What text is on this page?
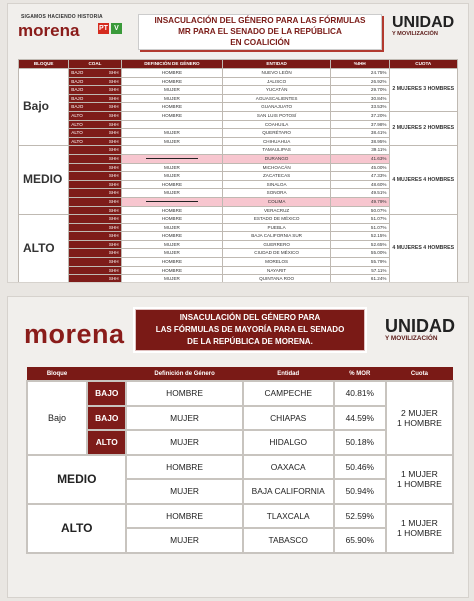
SIGAMOS HACIENDO HISTORIA
morena	PT V
INSACULACIÓN DEL GÉNERO PARA LAS FÓRMULAS
MR PARA EL SENADO DE LA REPÚBLICA
EN COALICIÓN
UNIDAD
Y MOVILIZACIÓN
BLOQUE	COAL	DEFINICIÓN DE GÉNERO	ENTIDAD	%IHH	CUOTA
Bajo	BAJO SHH	HOMBRE	NUEVO LEÓN	24.75%	2 MUJERES 3 HOMBRES
	BAJO SHH	HOMBRE	JALISCO	26.92%	
	BAJO SHH	MUJER	YUCATÁN	29.70%	
	BAJO SHH	MUJER	AGUASCALIENTES	30.84%	
	BAJO SHH	HOMBRE	GUANAJUATO	33.53%	
	ALTO SHH	HOMBRE	SAN LUIS POTOSÍ	37.20%	2 MUJERES 2 HOMBRES
	ALTO SHH		COAHUILA	37.98%	
	ALTO SHH	MUJER	QUERÉTARO	38.41%	
	ALTO SHH	MUJER	CHIHUAHUA	38.95%	
MEDIO	SHH		TAMAULIPAS	39.11%	4 MUJERES 4 HOMBRES

	SHH		DURANGO	41.63%	

	SHH	MUJER	MICHOACÁN	45.00%	

	SHH	MUJER	ZACATECAS	47.33%	

	SHH	HOMBRE	SINALOA	48.60%	

	SHH	MUJER	SONORA	49.51%	

	SHH		COLIMA	49.79%	

	SHH	HOMBRE	VERACRUZ	50.07%	
ALTO	SHH	HOMBRE	ESTADO DE MÉXICO	51.07%	4 MUJERES 4 HOMBRES

	SHH	MUJER	PUEBLA	51.07%	

	SHH	HOMBRE	BAJA CALIFORNIA SUR	52.15%	

	SHH	MUJER	GUERRERO	52.65%	

	SHH	MUJER	CIUDAD DE MÉXICO	55.00%	

	SHH	HOMBRE	MORELOS	55.79%	

	SHH	HOMBRE	NAYARIT	57.11%	

	SHH	MUJER	QUINTANA ROO	61.24%	
morena
INSACULACIÓN DEL GÉNERO PARA
LAS FÓRMULAS DE MAYORÍA PARA EL SENADO
DE LA REPÚBLICA DE MORENA.
UNIDAD
Y MOVILIZACIÓN
Bloque		Definición de Género	Entidad	% MOR	Cuota
Bajo	BAJO	HOMBRE	CAMPECHE	40.81%	2 MUJER
1 HOMBRE
	BAJO	MUJER	CHIAPAS	44.59%	
	ALTO	MUJER	HIDALGO	50.18%	
MEDIO		HOMBRE	OAXACA	50.46%	1 MUJER
1 HOMBRE
		MUJER	BAJA CALIFORNIA	50.94%	
ALTO		HOMBRE	TLAXCALA	52.59%	1 MUJER
1 HOMBRE
		MUJER	TABASCO	65.90%	
